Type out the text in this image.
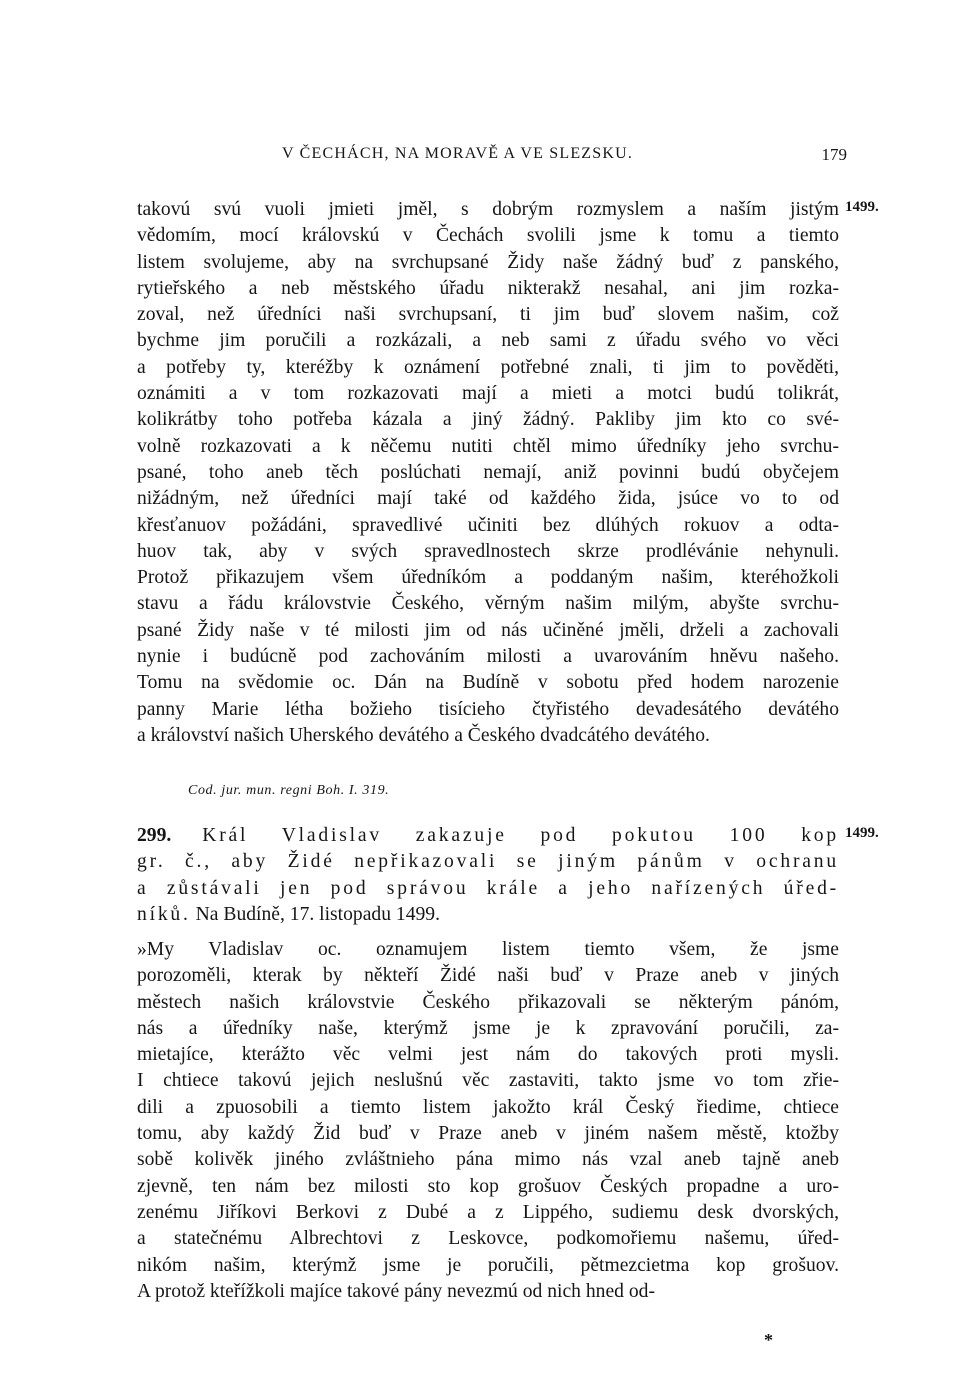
V ČECHÁCH, NA MORAVĚ A VE SLEZSKU.	179
1499.
takovú svú vuoli jmieti jměl, s dobrým rozmyslem a naším jistým
vědomím, mocí královskú v Čechách svolili jsme k tomu a tiemto
listem svolujeme, aby na svrchupsané Židy naše žádný buď z panského,
rytieřského a neb městského úřadu nikterakž nesahal, ani jim rozka-
zoval, než úředníci naši svrchupsaní, ti jim buď slovem našim, což
bychme jim poručili a rozkázali, a neb sami z úřadu svého vo věci
a potřeby ty, kteréžby k oznámení potřebné znali, ti jim to pověděti,
oznámiti a v tom rozkazovati mají a mieti a motci budú tolikrát,
kolikrátby toho potřeba kázala a jiný žádný. Pakliby jim kto co své-
volně rozkazovati a k něčemu nutiti chtěl mimo úředníky jeho svrchu-
psané, toho aneb těch poslúchati nemají, aniž povinni budú obyčejem
nižádným, než úředníci mají také od každého žida, jsúce vo to od
křesťanuov požádáni, spravedlivé učiniti bez dlúhých rokuov a odta-
huov tak, aby v svých spravedlnostech skrze prodlévánie nehynuli.
Protož přikazujem všem úředníkóm a poddaným našim, kteréhožkoli
stavu a řádu královstvie Českého, věrným našim milým, abyšte svrchu-
psané Židy naše v té milosti jim od nás učiněné jměli, drželi a zachovali
nynie i budúcně pod zachováním milosti a uvarováním hněvu našeho.
Tomu na svědomie oc. Dán na Budíně v sobotu před hodem narozenie
panny Marie létha božieho tisícieho čtyřistého devadesátého devátého
a království našich Uherského devátého a Českého dvadcátého devátého.
Cod. jur. mun. regni Boh. I. 319.
299. Král Vladislav zakazuje pod pokutou 100 kop
gr. č., aby Židé nepřikazovali se jiným pánům v ochranu
a zůstávali jen pod správou krále a jeho nařízených úřed-
níků. Na Budíně, 17. listopadu 1499.
1499.
»My Vladislav oc. oznamujem listem tiemto všem, že jsme
porozoměli, kterak by někteří Židé naši buď v Praze aneb v jiných
městech našich královstvie Českého přikazovali se některým pánóm,
nás a úředníky naše, kterýmž jsme je k zpravování poručili, za-
mietajíce, kterážto věc velmi jest nám do takových proti mysli.
I chtiece takovú jejich neslušnú věc zastaviti, takto jsme vo tom zřie-
dili a zpuosobili a tiemto listem jakožto král Český řiedime, chtiece
tomu, aby každý Žid buď v Praze aneb v jiném našem městě, ktožby
sobě kolivěk jiného zvláštnieho pána mimo nás vzal aneb tajně aneb
zjevně, ten nám bez milosti sto kop grošuov Českých propadne a uro-
zenému Jiříkovi Berkovi z Dubé a z Lippého, sudiemu desk dvorských,
a statečnému Albrechtovi z Leskovce, podkomořiemu našemu, úřed-
nikóm našim, kterýmž jsme je poručili, pětmezcietma kop grošuov.
A protož kteřížkoli majíce takové pány nevezmú od nich hned od-
*
